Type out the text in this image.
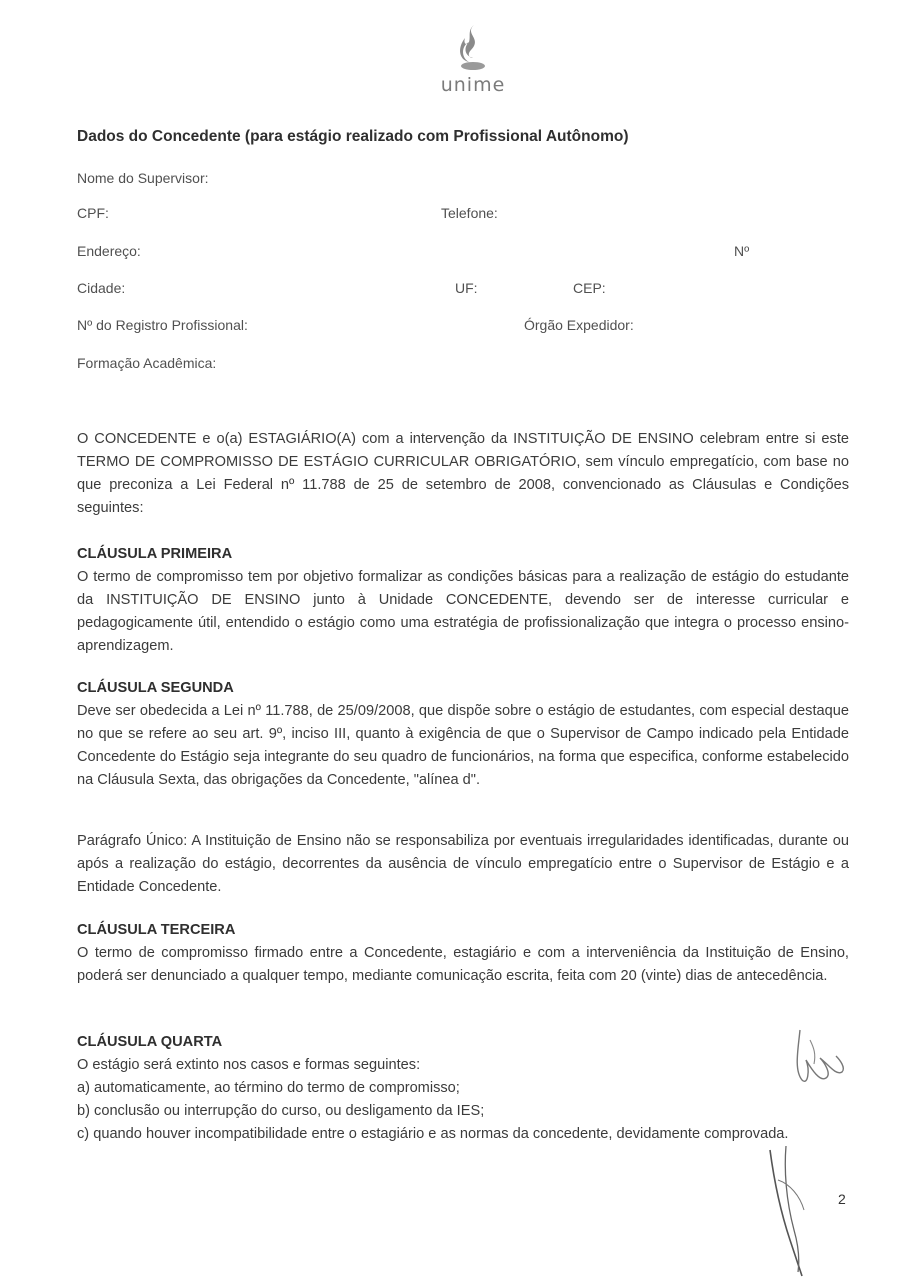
unime
Dados do Concedente (para estágio realizado com Profissional Autônomo)
Nome do Supervisor:
CPF:	Telefone:
Endereço:	Nº
Cidade:	UF:	CEP:
Nº do Registro Profissional:	Órgão Expedidor:
Formação Acadêmica:

O CONCEDENTE e o(a) ESTAGIÁRIO(A) com a intervenção da INSTITUIÇÃO DE ENSINO celebram entre si este TERMO DE COMPROMISSO DE ESTÁGIO CURRICULAR OBRIGATÓRIO, sem vínculo empregatício, com base no que preconiza a Lei Federal nº 11.788 de 25 de setembro de 2008, convencionado as Cláusulas e Condições seguintes:

CLÁUSULA PRIMEIRA

O termo de compromisso tem por objetivo formalizar as condições básicas para a realização de estágio do estudante da INSTITUIÇÃO DE ENSINO junto à Unidade CONCEDENTE, devendo ser de interesse curricular e pedagogicamente útil, entendido o estágio como uma estratégia de profissionalização que integra o processo ensino-aprendizagem.

CLÁUSULA SEGUNDA

Deve ser obedecida a Lei nº 11.788, de 25/09/2008, que dispõe sobre o estágio de estudantes, com especial destaque no que se refere ao seu art. 9º, inciso III, quanto à exigência de que o Supervisor de Campo indicado pela Entidade Concedente do Estágio seja integrante do seu quadro de funcionários, na forma que especifica, conforme estabelecido na Cláusula Sexta, das obrigações da Concedente, "alínea d".

Parágrafo Único: A Instituição de Ensino não se responsabiliza por eventuais irregularidades identificadas, durante ou após a realização do estágio, decorrentes da ausência de vínculo empregatício entre o Supervisor de Estágio e a Entidade Concedente.

CLÁUSULA TERCEIRA

O termo de compromisso firmado entre a Concedente, estagiário e com a interveniência da Instituição de Ensino, poderá ser denunciado a qualquer tempo, mediante comunicação escrita, feita com 20 (vinte) dias de antecedência.

CLÁUSULA QUARTA
O estágio será extinto nos casos e formas seguintes:
a) automaticamente, ao término do termo de compromisso;
b) conclusão ou interrupção do curso, ou desligamento da IES;
c) quando houver incompatibilidade entre o estagiário e as normas da concedente, devidamente comprovada.
2
